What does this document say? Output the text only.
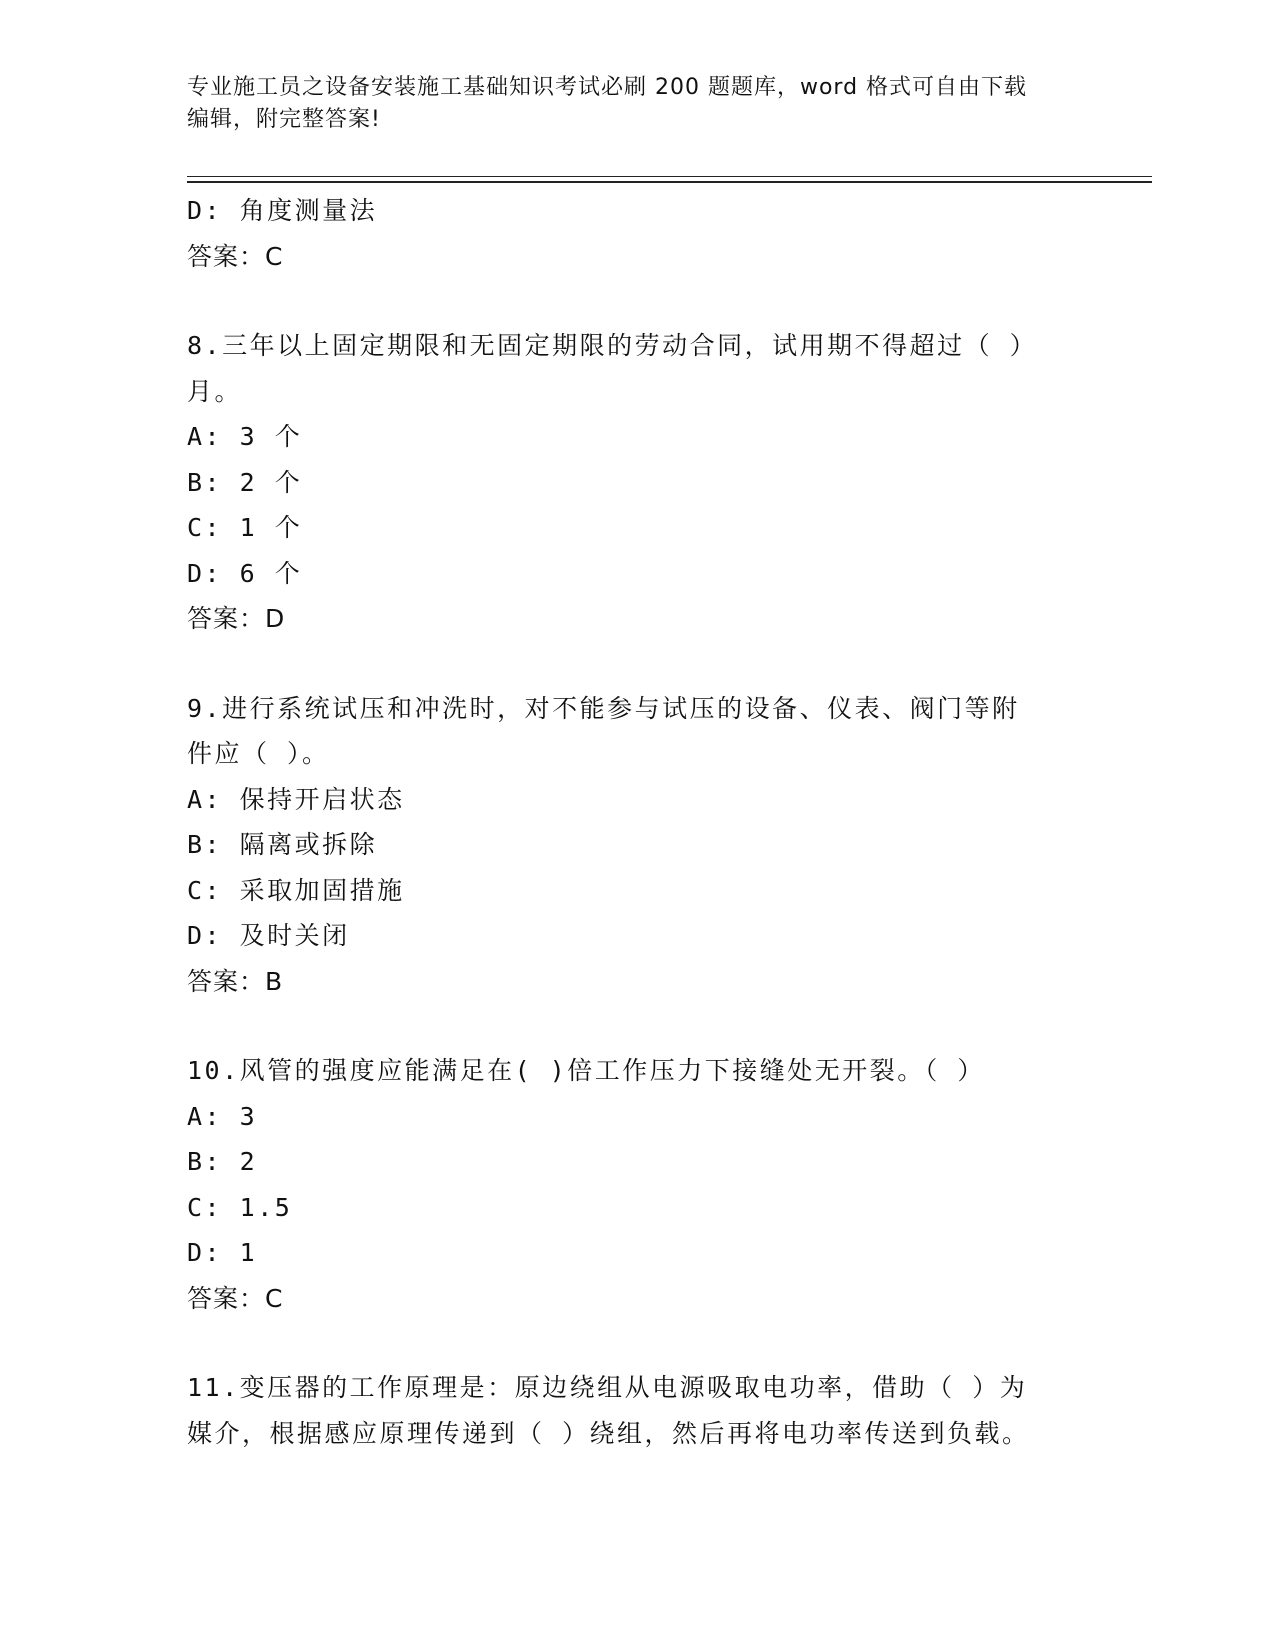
专业施工员之设备安装施工基础知识考试必刷 200 题题库，word 格式可自由下载
编辑，附完整答案!
D: 角度测量法
答案：C
8.三年以上固定期限和无固定期限的劳动合同，试用期不得超过（ ）
月。
A: 3 个
B: 2 个
C: 1 个
D: 6 个
答案：D
9.进行系统试压和冲洗时，对不能参与试压的设备、仪表、阀门等附
件应（ ）。
A: 保持开启状态
B: 隔离或拆除
C: 采取加固措施
D: 及时关闭
答案：B
10.风管的强度应能满足在( )倍工作压力下接缝处无开裂。（ ）
A: 3
B: 2
C: 1.5
D: 1
答案：C
11.变压器的工作原理是：原边绕组从电源吸取电功率，借助（ ）为
媒介，根据感应原理传递到（ ）绕组，然后再将电功率传送到负载。
